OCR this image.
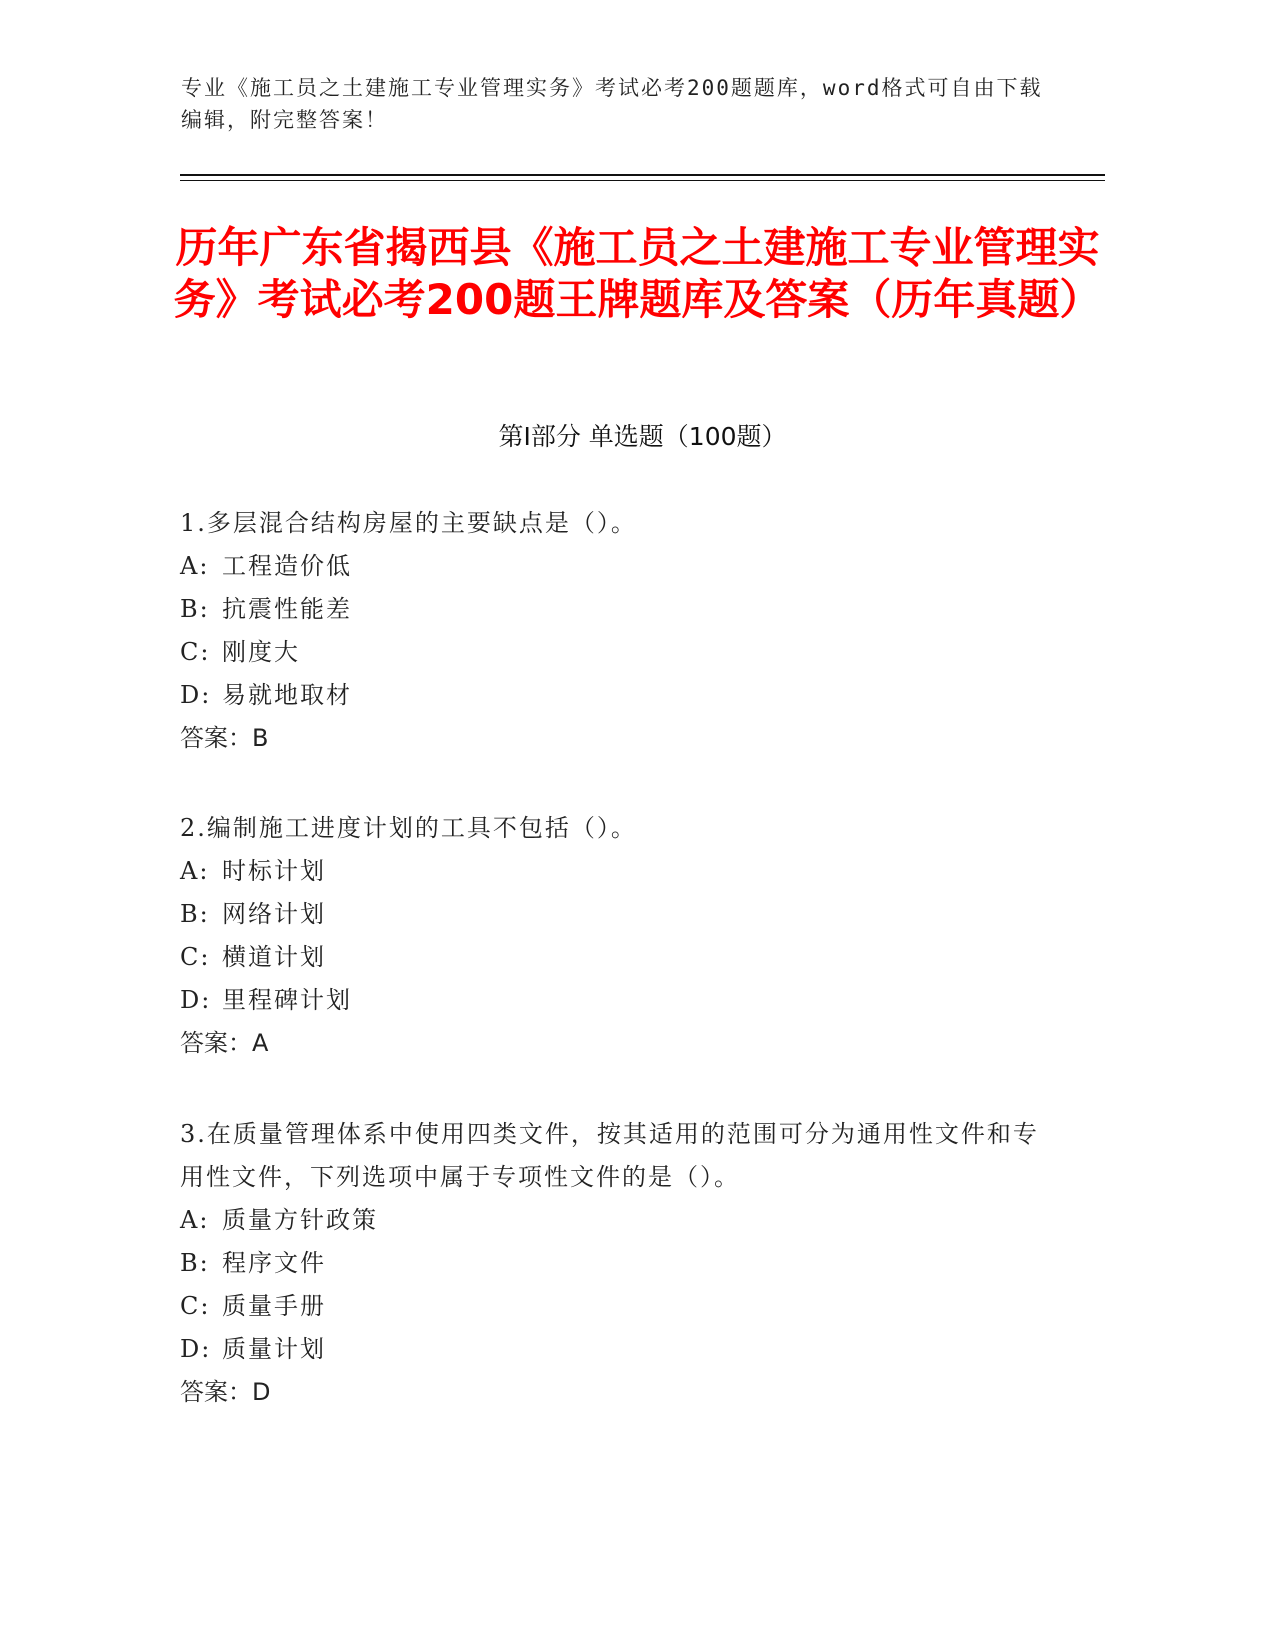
专业《施工员之土建施工专业管理实务》考试必考200题题库，word格式可自由下载编辑，附完整答案！
历年广东省揭西县《施工员之土建施工专业管理实务》考试必考200题王牌题库及答案（历年真题）
第I部分 单选题（100题）
1.多层混合结构房屋的主要缺点是（）。
A: 工程造价低
B: 抗震性能差
C: 刚度大
D: 易就地取材
答案：B
2.编制施工进度计划的工具不包括（）。
A: 时标计划
B: 网络计划
C: 横道计划
D: 里程碑计划
答案：A
3.在质量管理体系中使用四类文件，按其适用的范围可分为通用性文件和专用性文件，下列选项中属于专项性文件的是（）。
A: 质量方针政策
B: 程序文件
C: 质量手册
D: 质量计划
答案：D
